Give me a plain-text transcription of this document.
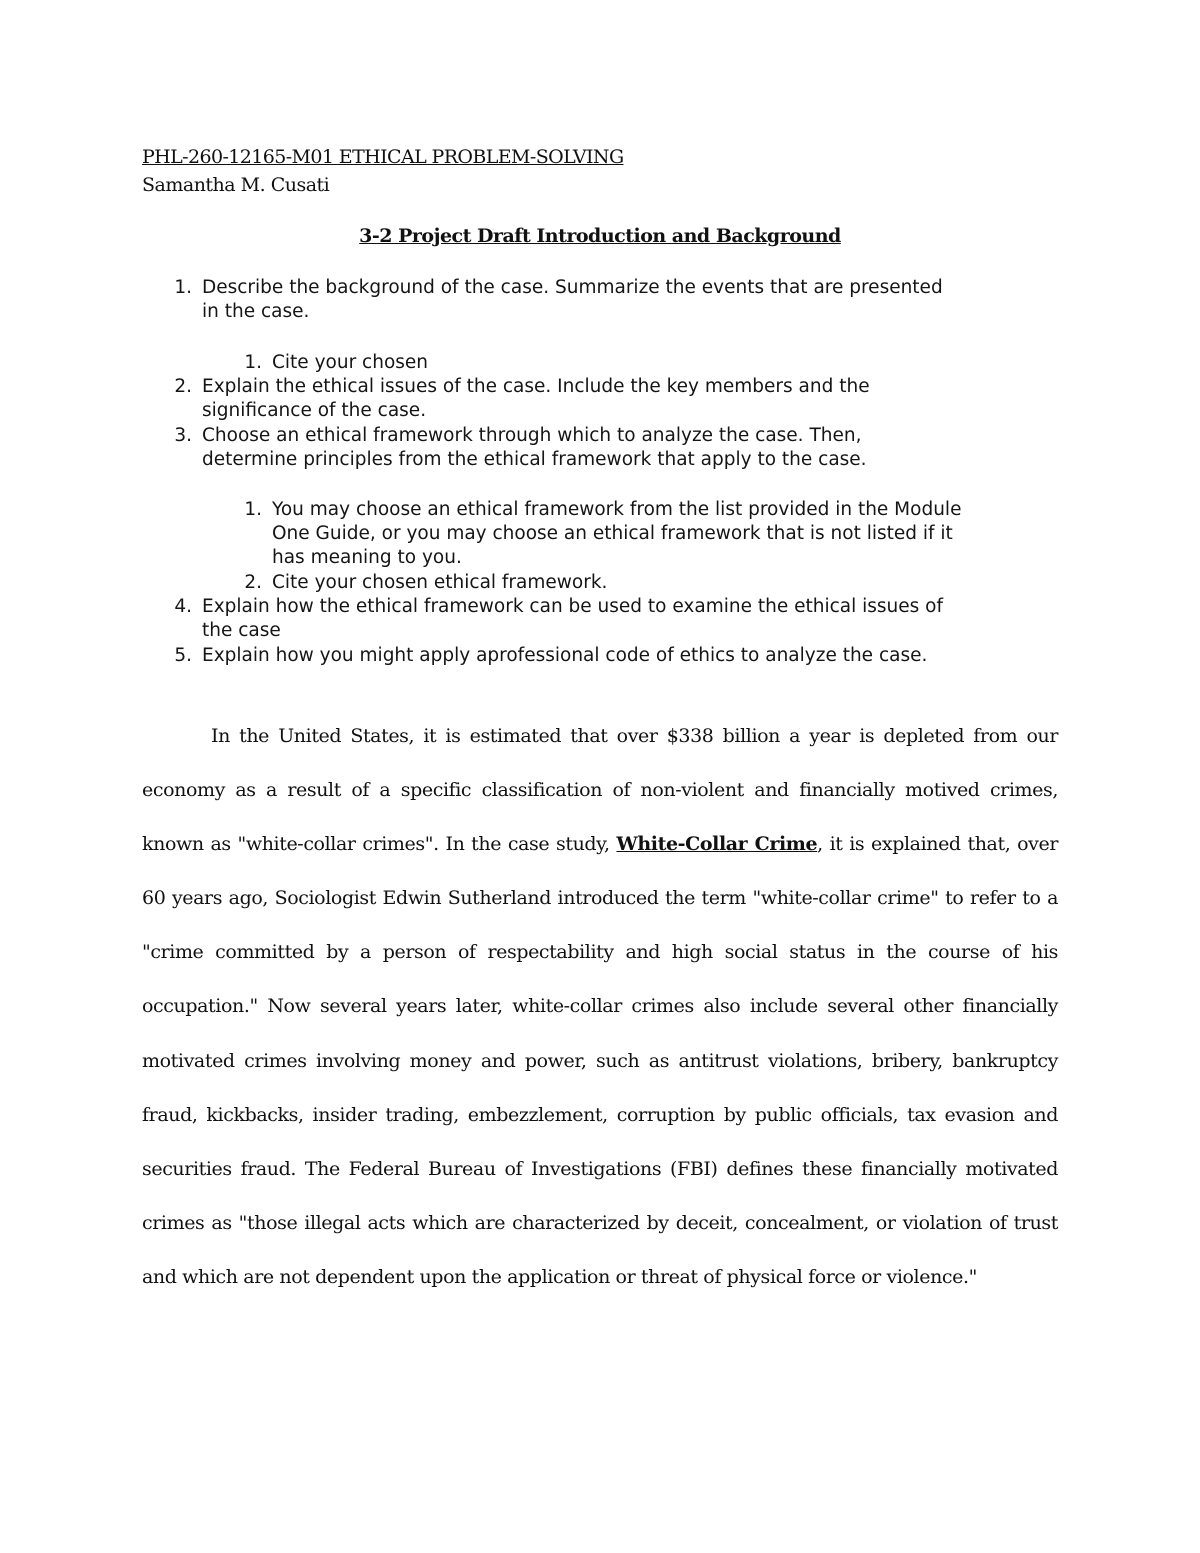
PHL-260-12165-M01 ETHICAL PROBLEM-SOLVING
Samantha M. Cusati
3-2 Project Draft Introduction and Background
1. Describe the background of the case. Summarize the events that are presented
in the case.
1. Cite your chosen
2. Explain the ethical issues of the case. Include the key members and the
significance of the case.
3. Choose an ethical framework through which to analyze the case. Then,
determine principles from the ethical framework that apply to the case.
1. You may choose an ethical framework from the list provided in the Module
One Guide, or you may choose an ethical framework that is not listed if it
has meaning to you.
2. Cite your chosen ethical framework.
4. Explain how the ethical framework can be used to examine the ethical issues of
the case
5. Explain how you might apply aprofessional code of ethics to analyze the case.

In the United States, it is estimated that over $338 billion a year is depleted from our economy as a result of a specific classification of non-violent and financially motived crimes, known as "white-collar crimes". In the case study, White-Collar Crime, it is explained that, over 60 years ago, Sociologist Edwin Sutherland introduced the term "white-collar crime" to refer to a "crime committed by a person of respectability and high social status in the course of his occupation." Now several years later, white-collar crimes also include several other financially motivated crimes involving money and power, such as antitrust violations, bribery, bankruptcy fraud, kickbacks, insider trading, embezzlement, corruption by public officials, tax evasion and securities fraud. The Federal Bureau of Investigations (FBI) defines these financially motivated crimes as "those illegal acts which are characterized by deceit, concealment, or violation of trust and which are not dependent upon the application or threat of physical force or violence."
